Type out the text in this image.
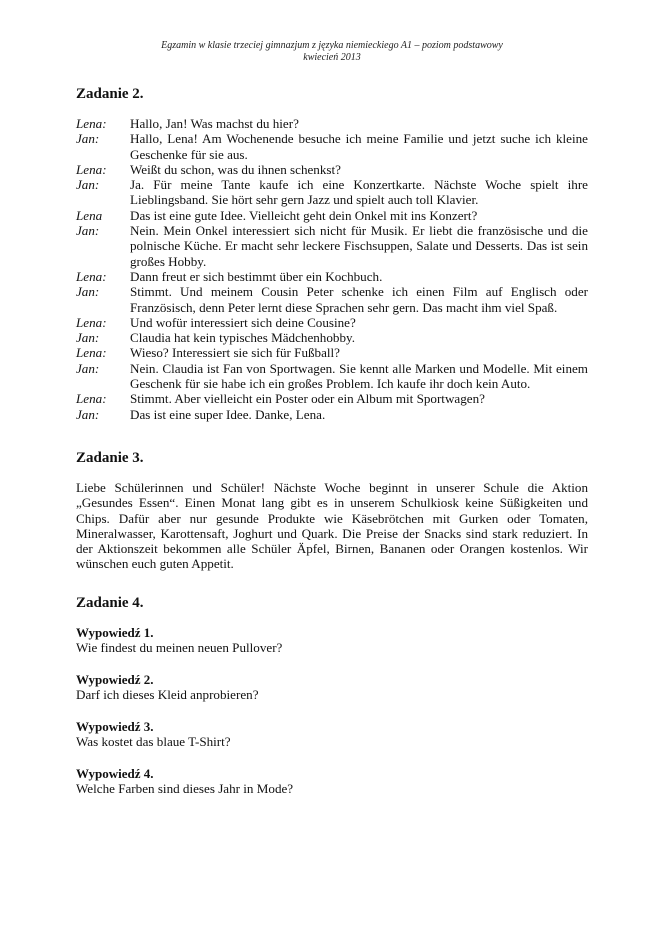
Egzamin w klasie trzeciej gimnazjum z języka niemieckiego A1 – poziom podstawowy
kwiecień 2013
Zadanie 2.
Lena:	Hallo, Jan! Was machst du hier?
Jan:	Hallo, Lena! Am Wochenende besuche ich meine Familie und jetzt suche ich kleine Geschenke für sie aus.
Lena:	Weißt du schon, was du ihnen schenkst?
Jan:	Ja. Für meine Tante kaufe ich eine Konzertkarte. Nächste Woche spielt ihre Lieblingsband. Sie hört sehr gern Jazz und spielt auch toll Klavier.
Lena	Das ist eine gute Idee. Vielleicht geht dein Onkel mit ins Konzert?
Jan:	Nein. Mein Onkel interessiert sich nicht für Musik. Er liebt die französische und die polnische Küche. Er macht sehr leckere Fischsuppen, Salate und Desserts. Das ist sein großes Hobby.
Lena:	Dann freut er sich bestimmt über ein Kochbuch.
Jan:	Stimmt. Und meinem Cousin Peter schenke ich einen Film auf Englisch oder Französisch, denn Peter lernt diese Sprachen sehr gern. Das macht ihm viel Spaß.
Lena:	Und wofür interessiert sich deine Cousine?
Jan:	Claudia hat kein typisches Mädchenhobby.
Lena:	Wieso? Interessiert sie sich für Fußball?
Jan:	Nein. Claudia ist Fan von Sportwagen. Sie kennt alle Marken und Modelle. Mit einem Geschenk für sie habe ich ein großes Problem. Ich kaufe ihr doch kein Auto.
Lena:	Stimmt. Aber vielleicht ein Poster oder ein Album mit Sportwagen?
Jan:	Das ist eine super Idee. Danke, Lena.
Zadanie 3.
Liebe Schülerinnen und Schüler! Nächste Woche beginnt in unserer Schule die Aktion „Gesundes Essen“. Einen Monat lang gibt es in unserem Schulkiosk keine Süßigkeiten und Chips. Dafür aber nur gesunde Produkte wie Käsebrötchen mit Gurken oder Tomaten, Mineralwasser, Karottensaft, Joghurt und Quark. Die Preise der Snacks sind stark reduziert. In der Aktionszeit bekommen alle Schüler Äpfel, Birnen, Bananen oder Orangen kostenlos. Wir wünschen euch guten Appetit.
Zadanie 4.
Wypowiedź 1.
Wie findest du meinen neuen Pullover?
Wypowiedź 2.
Darf ich dieses Kleid anprobieren?
Wypowiedź 3.
Was kostet das blaue T-Shirt?
Wypowiedź 4.
Welche Farben sind dieses Jahr in Mode?
